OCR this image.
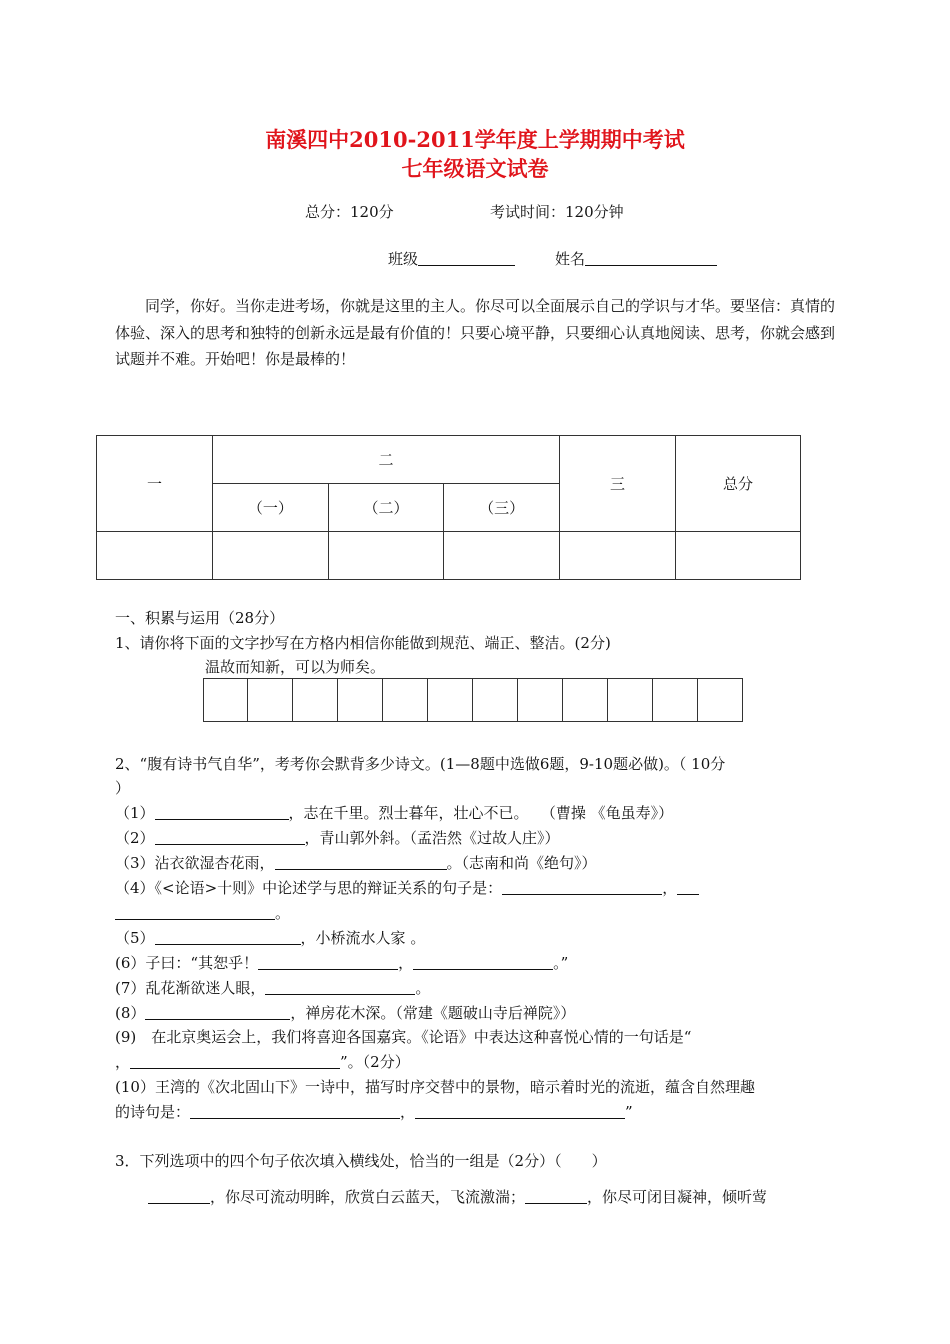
南溪四中2010-2011学年度上学期期中考试
七年级语文试卷
总分：120分	考试时间：120分钟
班级	姓名
同学，你好。当你走进考场，你就是这里的主人。你尽可以全面展示自己的学识与才华。要坚信：真情的体验、深入的思考和独特的创新永远是最有价值的！只要心境平静，只要细心认真地阅读、思考，你就会感到试题并不难。开始吧！你是最棒的！
一	二			三	总分
	（一）	（二）	（三）		

一、积累与运用（28分）
1、请你将下面的文字抄写在方格内相信你能做到规范、端正、整洁。(2分)
温故而知新，可以为师矣。
2、“腹有诗书气自华”，考考你会默背多少诗文。(1—8题中选做6题，9-10题必做)。（ 10分
）
（1）	，志在千里。烈士暮年，壮心不已。　 （曹操 《龟虽寿》）
（2）	，青山郭外斜。（孟浩然《过故人庄》）
（3）沾衣欲湿杏花雨，	。（志南和尚《绝句》）
（4）《<论语>十则》中论述学与思的辩证关系的句子是：	，
。
（5）	，小桥流水人家 。
(6）子曰：“其恕乎！	，	。”
(7）乱花渐欲迷人眼，	。
(8）	，禅房花木深。（常建《题破山寺后禅院》）
(9)　在北京奥运会上，我们将喜迎各国嘉宾。《论语》中表达这种喜悦心情的一句话是“
，	”。（2分）
(10）王湾的《次北固山下》一诗中，描写时序交替中的景物，暗示着时光的流逝，蕴含自然理趣
的诗句是：	，	”
3．下列选项中的四个句子依次填入横线处，恰当的一组是（2分）（　　）
，你尽可流动明眸，欣赏白云蓝天，飞流激湍；	，你尽可闭目凝神，倾听莺
